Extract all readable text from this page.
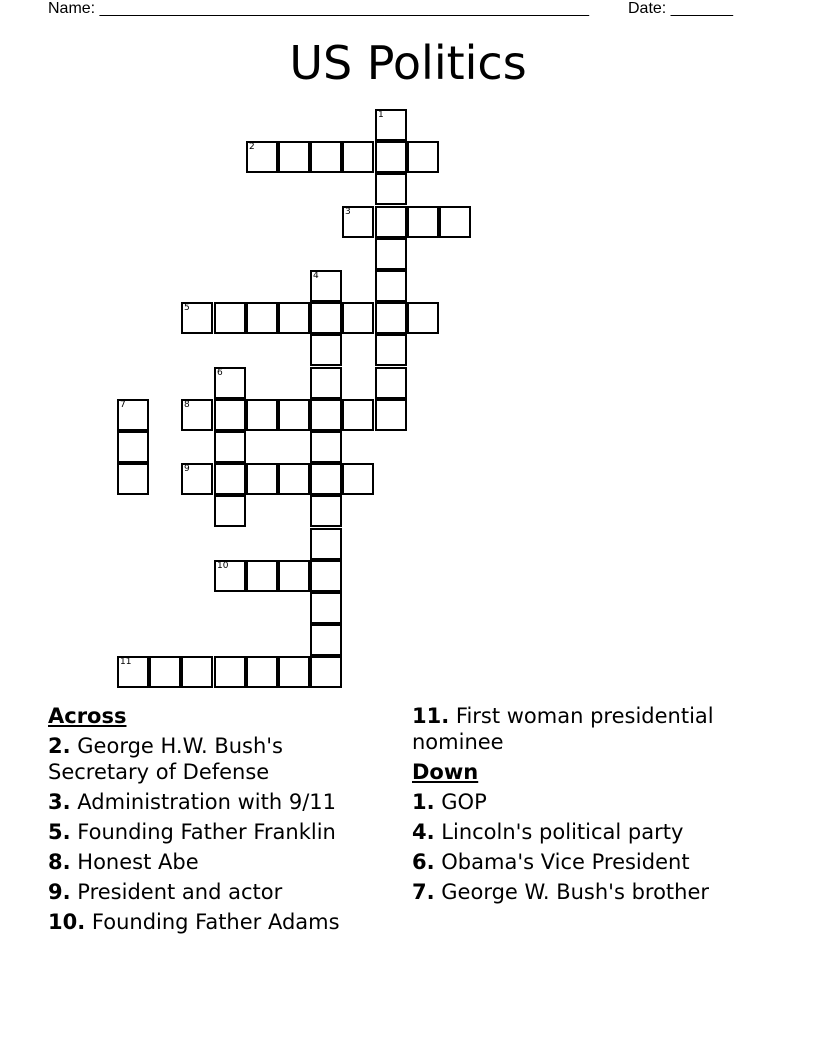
Name: _______________________________________________________ Date: _______
US Politics
1
2
3
4
5
6
7	8
9
10
11
Across
2. George H.W. Bush's Secretary of Defense
3. Administration with 9/11
5. Founding Father Franklin
8. Honest Abe
9. President and actor
10. Founding Father Adams
11. First woman presidential nominee
Down
1. GOP
4. Lincoln's political party
6. Obama's Vice President
7. George W. Bush's brother
